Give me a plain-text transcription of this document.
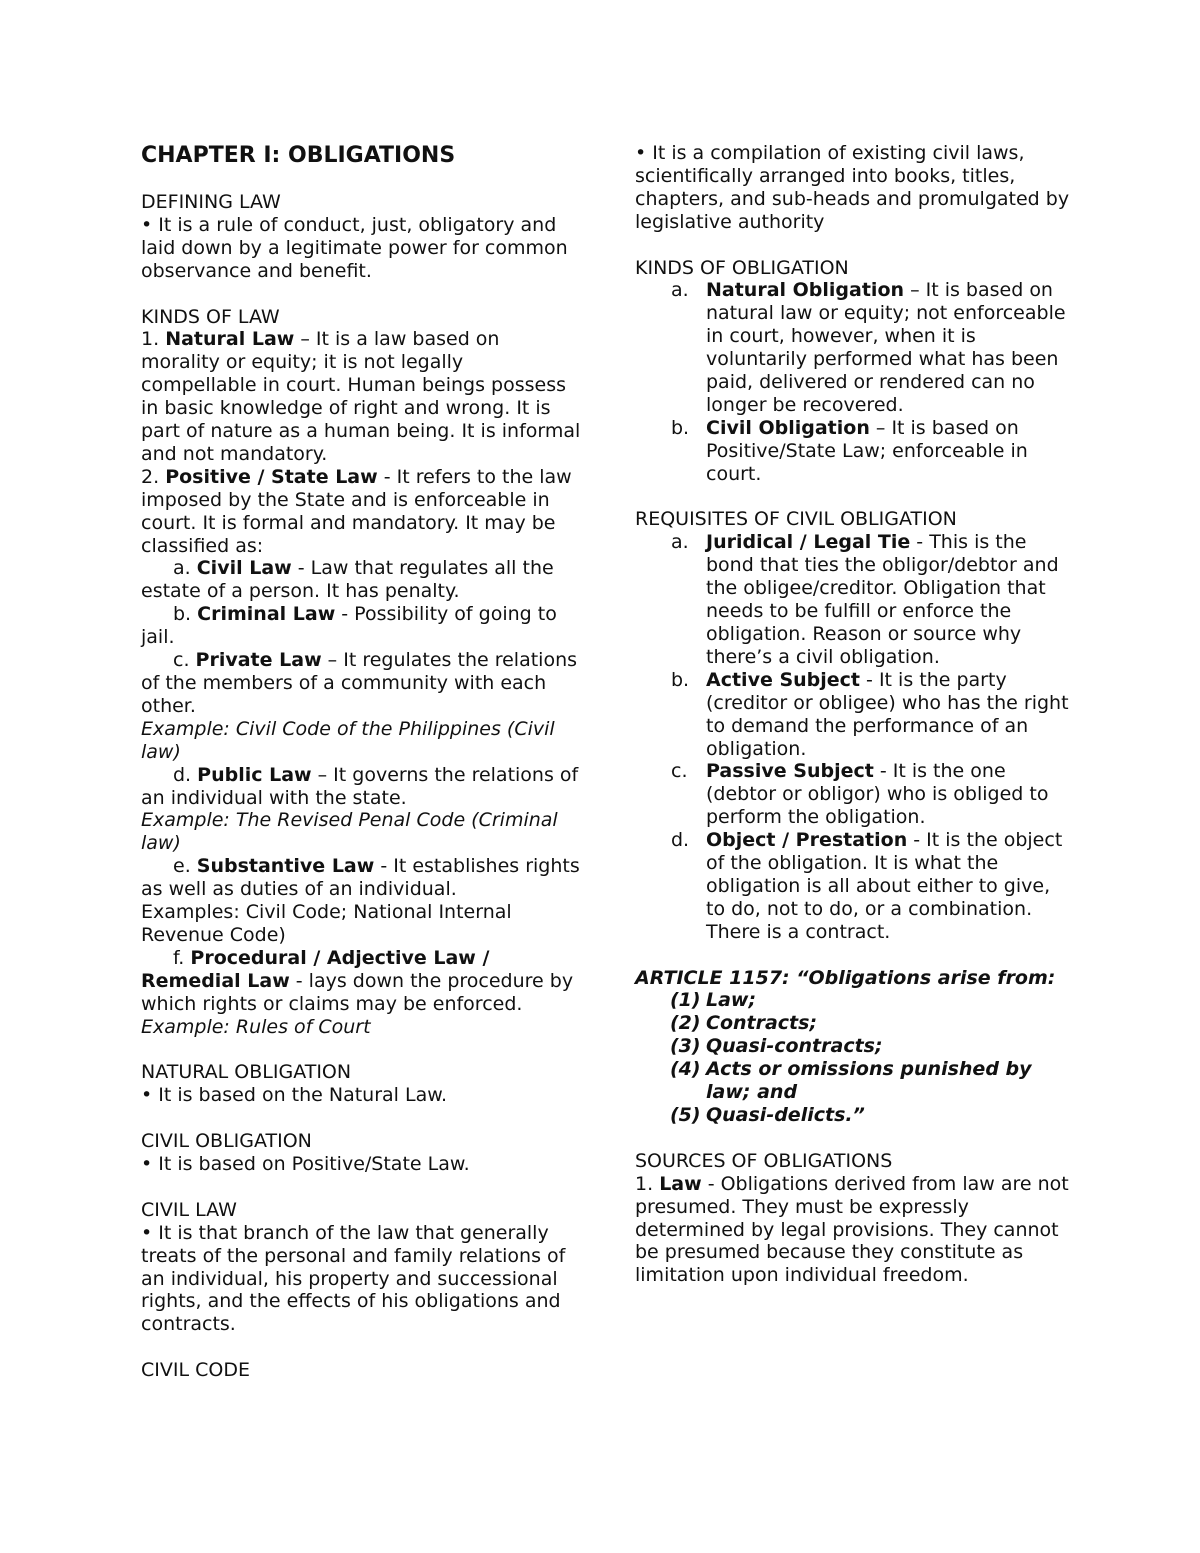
CHAPTER I: OBLIGATIONS
DEFINING LAW

• It is a rule of conduct, just, obligatory and laid down by a legitimate power for common observance and benefit.

KINDS OF LAW

1. Natural Law – It is a law based on morality or equity; it is not legally compellable in court. Human beings possess in basic knowledge of right and wrong. It is part of nature as a human being. It is informal and not mandatory.

2. Positive / State Law - It refers to the law imposed by the State and is enforceable in court. It is formal and mandatory. It may be classified as:

a. Civil Law - Law that regulates all the estate of a person. It has penalty.

b. Criminal Law - Possibility of going to jail.

c. Private Law – It regulates the relations of the members of a community with each other.

Example: Civil Code of the Philippines (Civil law)

d. Public Law – It governs the relations of an individual with the state.

Example: The Revised Penal Code (Criminal law)

e. Substantive Law - It establishes rights as well as duties of an individual.

Examples: Civil Code; National Internal Revenue Code)

f. Procedural / Adjective Law / Remedial Law - lays down the procedure by which rights or claims may be enforced.

Example: Rules of Court

NATURAL OBLIGATION

• It is based on the Natural Law.

CIVIL OBLIGATION

• It is based on Positive/State Law.

CIVIL LAW

• It is that branch of the law that generally treats of the personal and family relations of an individual, his property and successional rights, and the effects of his obligations and contracts.

CIVIL CODE

• It is a compilation of existing civil laws, scientifically arranged into books, titles, chapters, and sub-heads and promulgated by legislative authority

KINDS OF OBLIGATION
a. Natural Obligation – It is based on natural law or equity; not enforceable in court, however, when it is voluntarily performed what has been paid, delivered or rendered can no longer be recovered.
b. Civil Obligation – It is based on Positive/State Law; enforceable in court.
REQUISITES OF CIVIL OBLIGATION
a. Juridical / Legal Tie - This is the bond that ties the obligor/debtor and the obligee/creditor. Obligation that needs to be fulfill or enforce the obligation. Reason or source why there’s a civil obligation.
b. Active Subject - It is the party (creditor or obligee) who has the right to demand the performance of an obligation.
c. Passive Subject - It is the one (debtor or obligor) who is obliged to perform the obligation.
d. Object / Prestation - It is the object of the obligation. It is what the obligation is all about either to give, to do, not to do, or a combination. There is a contract.

ARTICLE 1157: “Obligations arise from:

(1) Law;
(2) Contracts;
(3) Quasi-contracts;
(4) Acts or omissions punished by law; and
(5) Quasi-delicts.”
SOURCES OF OBLIGATIONS

1. Law - Obligations derived from law are not presumed. They must be expressly determined by legal provisions. They cannot be presumed because they constitute as limitation upon individual freedom.
